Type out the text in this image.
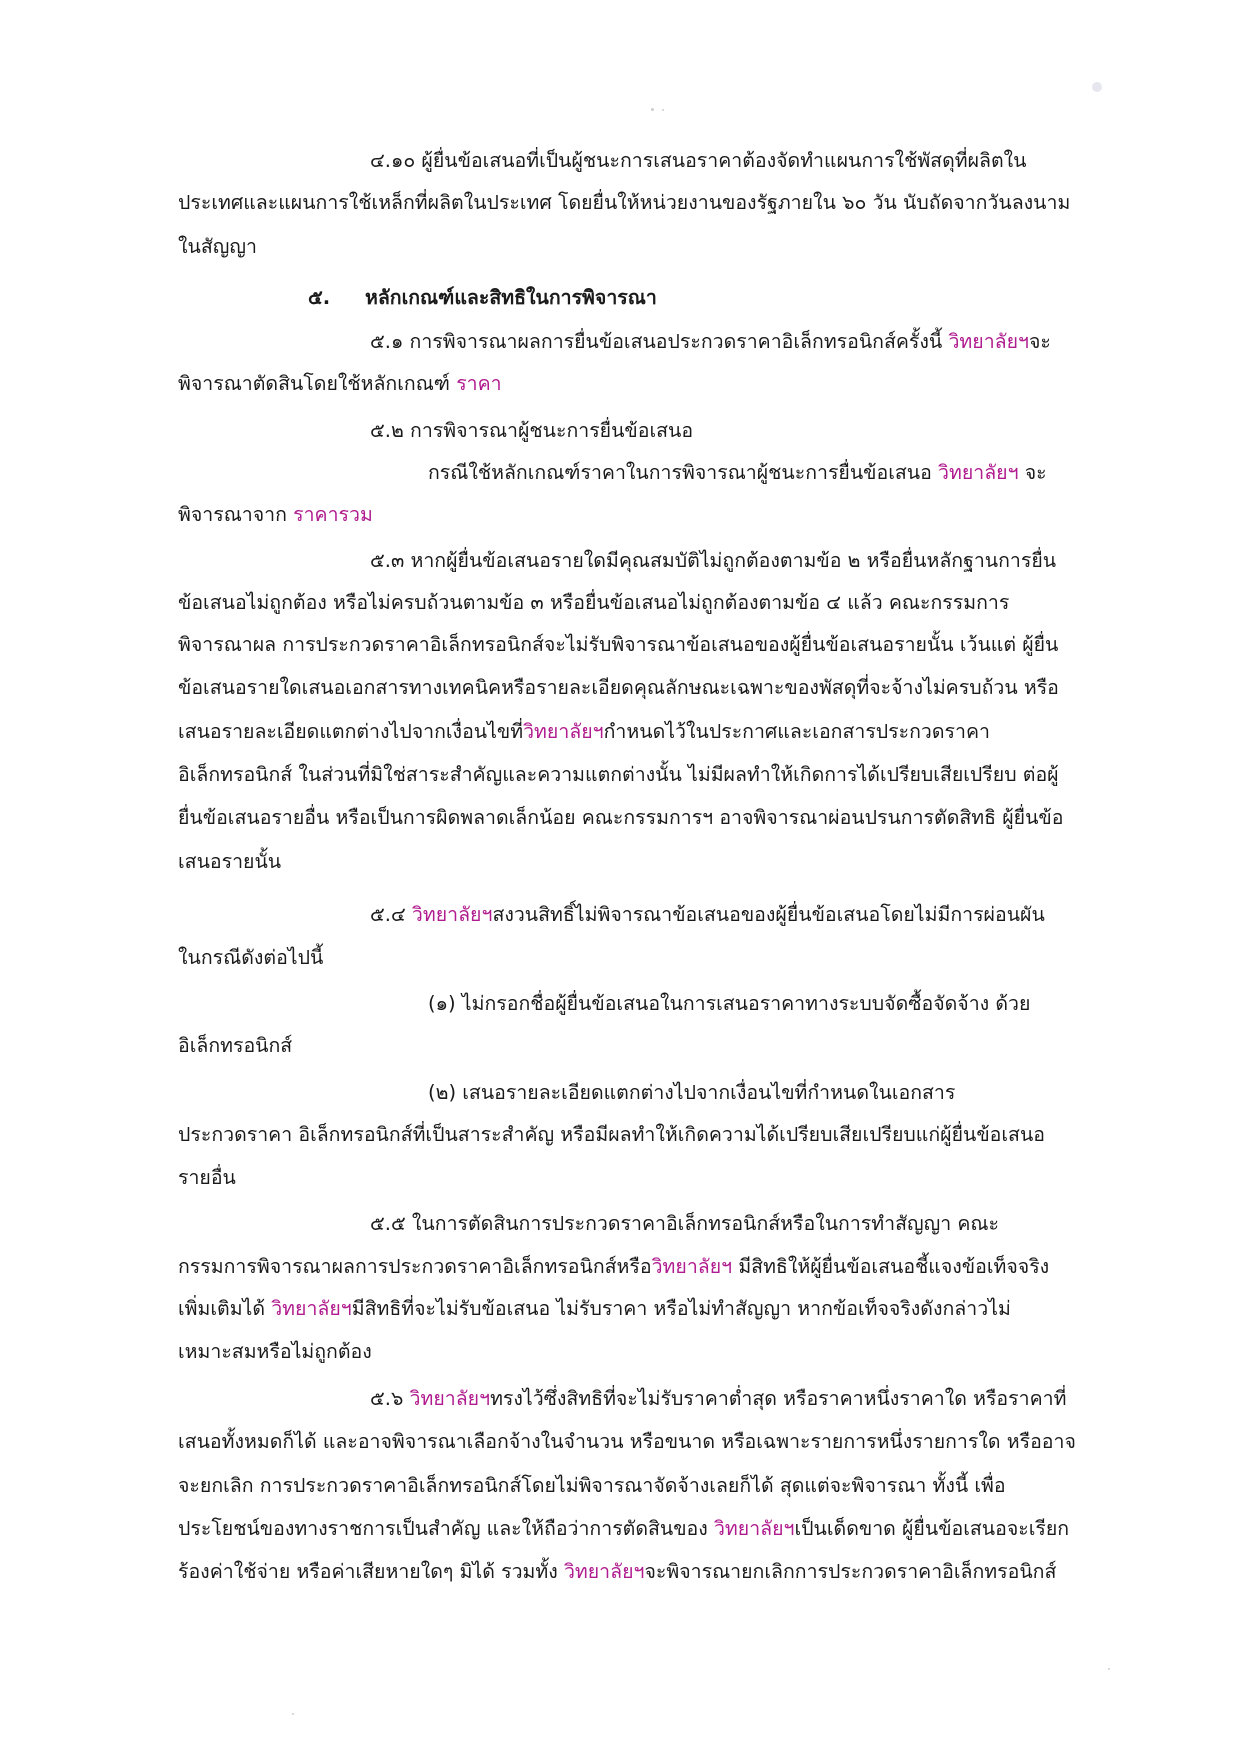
๔.๑๐ ผู้ยื่นข้อเสนอที่เป็นผู้ชนะการเสนอราคาต้องจัดทำแผนการใช้พัสดุที่ผลิตใน
ประเทศและแผนการใช้เหล็กที่ผลิตในประเทศ โดยยื่นให้หน่วยงานของรัฐภายใน ๖๐ วัน นับถัดจากวันลงนาม
ในสัญญา
๕. หลักเกณฑ์และสิทธิในการพิจารณา
๕.๑ การพิจารณาผลการยื่นข้อเสนอประกวดราคาอิเล็กทรอนิกส์ครั้งนี้ วิทยาลัยฯจะ
พิจารณาตัดสินโดยใช้หลักเกณฑ์ ราคา
๕.๒ การพิจารณาผู้ชนะการยื่นข้อเสนอ
กรณีใช้หลักเกณฑ์ราคาในการพิจารณาผู้ชนะการยื่นข้อเสนอ วิทยาลัยฯ จะ
พิจารณาจาก ราคารวม
๕.๓ หากผู้ยื่นข้อเสนอรายใดมีคุณสมบัติไม่ถูกต้องตามข้อ ๒ หรือยื่นหลักฐานการยื่น
ข้อเสนอไม่ถูกต้อง หรือไม่ครบถ้วนตามข้อ ๓ หรือยื่นข้อเสนอไม่ถูกต้องตามข้อ ๔ แล้ว คณะกรรมการ
พิจารณาผล การประกวดราคาอิเล็กทรอนิกส์จะไม่รับพิจารณาข้อเสนอของผู้ยื่นข้อเสนอรายนั้น เว้นแต่ ผู้ยื่น
ข้อเสนอรายใดเสนอเอกสารทางเทคนิคหรือรายละเอียดคุณลักษณะเฉพาะของพัสดุที่จะจ้างไม่ครบถ้วน หรือ
เสนอรายละเอียดแตกต่างไปจากเงื่อนไขที่วิทยาลัยฯกำหนดไว้ในประกาศและเอกสารประกวดราคา
อิเล็กทรอนิกส์ ในส่วนที่มิใช่สาระสำคัญและความแตกต่างนั้น ไม่มีผลทำให้เกิดการได้เปรียบเสียเปรียบ ต่อผู้
ยื่นข้อเสนอรายอื่น หรือเป็นการผิดพลาดเล็กน้อย คณะกรรมการฯ อาจพิจารณาผ่อนปรนการตัดสิทธิ ผู้ยื่นข้อ
เสนอรายนั้น
๕.๔ วิทยาลัยฯสงวนสิทธิ์ไม่พิจารณาข้อเสนอของผู้ยื่นข้อเสนอโดยไม่มีการผ่อนผัน
ในกรณีดังต่อไปนี้
(๑) ไม่กรอกชื่อผู้ยื่นข้อเสนอในการเสนอราคาทางระบบจัดซื้อจัดจ้าง ด้วย
อิเล็กทรอนิกส์
(๒) เสนอรายละเอียดแตกต่างไปจากเงื่อนไขที่กำหนดในเอกสาร
ประกวดราคา อิเล็กทรอนิกส์ที่เป็นสาระสำคัญ หรือมีผลทำให้เกิดความได้เปรียบเสียเปรียบแก่ผู้ยื่นข้อเสนอ
รายอื่น
๕.๕ ในการตัดสินการประกวดราคาอิเล็กทรอนิกส์หรือในการทำสัญญา คณะ
กรรมการพิจารณาผลการประกวดราคาอิเล็กทรอนิกส์หรือวิทยาลัยฯ มีสิทธิให้ผู้ยื่นข้อเสนอชี้แจงข้อเท็จจริง
เพิ่มเติมได้ วิทยาลัยฯมีสิทธิที่จะไม่รับข้อเสนอ ไม่รับราคา หรือไม่ทำสัญญา หากข้อเท็จจริงดังกล่าวไม่
เหมาะสมหรือไม่ถูกต้อง
๕.๖ วิทยาลัยฯทรงไว้ซึ่งสิทธิที่จะไม่รับราคาต่ำสุด หรือราคาหนึ่งราคาใด หรือราคาที่
เสนอทั้งหมดก็ได้ และอาจพิจารณาเลือกจ้างในจำนวน หรือขนาด หรือเฉพาะรายการหนึ่งรายการใด หรืออาจ
จะยกเลิก การประกวดราคาอิเล็กทรอนิกส์โดยไม่พิจารณาจัดจ้างเลยก็ได้ สุดแต่จะพิจารณา ทั้งนี้ เพื่อ
ประโยชน์ของทางราชการเป็นสำคัญ และให้ถือว่าการตัดสินของ วิทยาลัยฯเป็นเด็ดขาด ผู้ยื่นข้อเสนอจะเรียก
ร้องค่าใช้จ่าย หรือค่าเสียหายใดๆ มิได้ รวมทั้ง วิทยาลัยฯจะพิจารณายกเลิกการประกวดราคาอิเล็กทรอนิกส์
